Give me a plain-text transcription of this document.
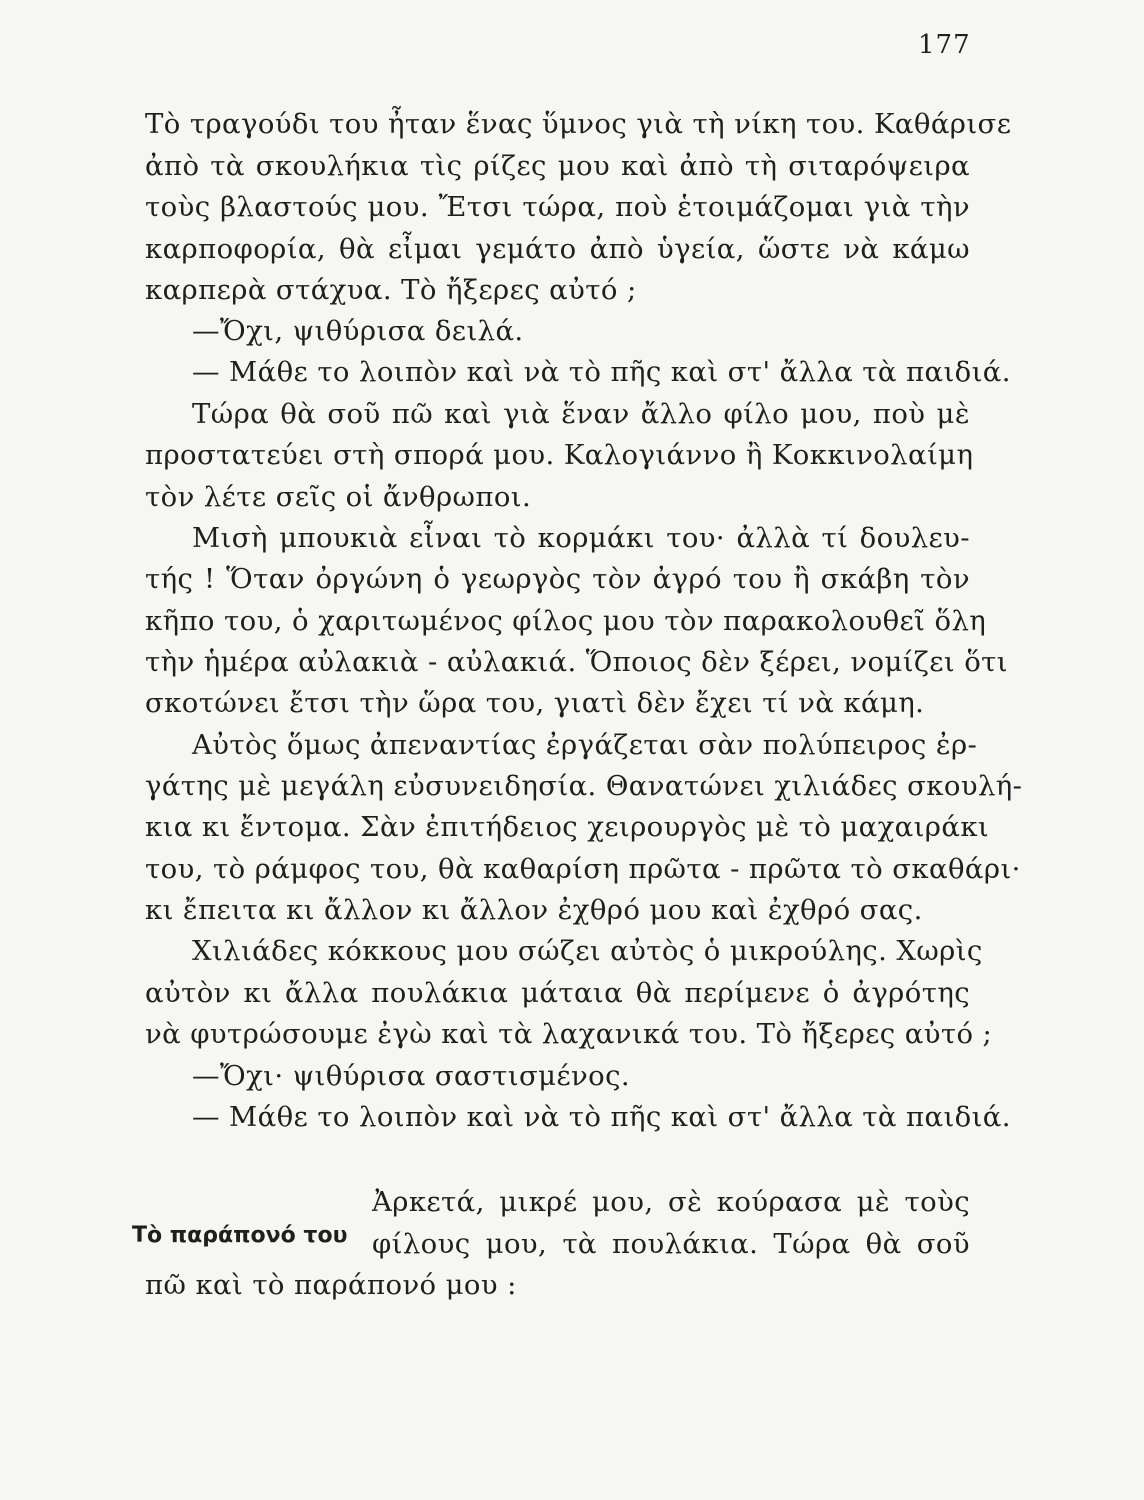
177
Τὸ τραγούδι του ἦταν ἕνας ὕμνος γιὰ τὴ νίκη του. Καθάρισε
ἀπὸ τὰ σκουλήκια τὶς ρίζες μου καὶ ἀπὸ τὴ σιταρόψειρα
τοὺς βλαστούς μου. Ἔτσι τώρα, ποὺ ἑτοιμάζομαι γιὰ τὴν
καρποφορία, θὰ εἶμαι γεμάτο ἀπὸ ὑγεία, ὥστε νὰ κάμω
καρπερὰ στάχυα. Τὸ ἤξερες αὐτό ;
—Ὄχι, ψιθύρισα δειλά.
— Μάθε το λοιπὸν καὶ νὰ τὸ πῆς καὶ στ' ἄλλα τὰ παιδιά.
Τώρα θὰ σοῦ πῶ καὶ γιὰ ἕναν ἄλλο φίλο μου, ποὺ μὲ
προστατεύει στὴ σπορά μου. Καλογιάννο ἢ Κοκκινολαίμη
τὸν λέτε σεῖς οἱ ἄνθρωποι.
Μισὴ μπουκιὰ εἶναι τὸ κορμάκι του· ἀλλὰ τί δουλευ-
τής ! Ὅταν ὀργώνη ὁ γεωργὸς τὸν ἀγρό του ἢ σκάβη τὸν
κῆπο του, ὁ χαριτωμένος φίλος μου τὸν παρακολουθεῖ ὅλη
τὴν ἡμέρα αὐλακιὰ - αὐλακιά. Ὅποιος δὲν ξέρει, νομίζει ὅτι
σκοτώνει ἔτσι τὴν ὥρα του, γιατὶ δὲν ἔχει τί νὰ κάμη.
Αὐτὸς ὅμως ἀπεναντίας ἐργάζεται σὰν πολύπειρος ἐρ-
γάτης μὲ μεγάλη εὐσυνειδησία. Θανατώνει χιλιάδες σκουλή-
κια κι ἔντομα. Σὰν ἐπιτήδειος χειρουργὸς μὲ τὸ μαχαιράκι
του, τὸ ράμφος του, θὰ καθαρίση πρῶτα - πρῶτα τὸ σκαθάρι·
κι ἔπειτα κι ἄλλον κι ἄλλον ἐχθρό μου καὶ ἐχθρό σας.
Χιλιάδες κόκκους μου σώζει αὐτὸς ὁ μικρούλης. Χωρὶς
αὐτὸν κι ἄλλα πουλάκια μάταια θὰ περίμενε ὁ ἀγρότης
νὰ φυτρώσουμε ἐγὼ καὶ τὰ λαχανικά του. Τὸ ἤξερες αὐτό ;
—Ὄχι· ψιθύρισα σαστισμένος.
— Μάθε το λοιπὸν καὶ νὰ τὸ πῆς καὶ στ' ἄλλα τὰ παιδιά.
Τὸ παράπονό του
Ἀρκετά, μικρέ μου, σὲ κούρασα μὲ τοὺς
φίλους μου, τὰ πουλάκια. Τώρα θὰ σοῦ
πῶ καὶ τὸ παράπονό μου :
